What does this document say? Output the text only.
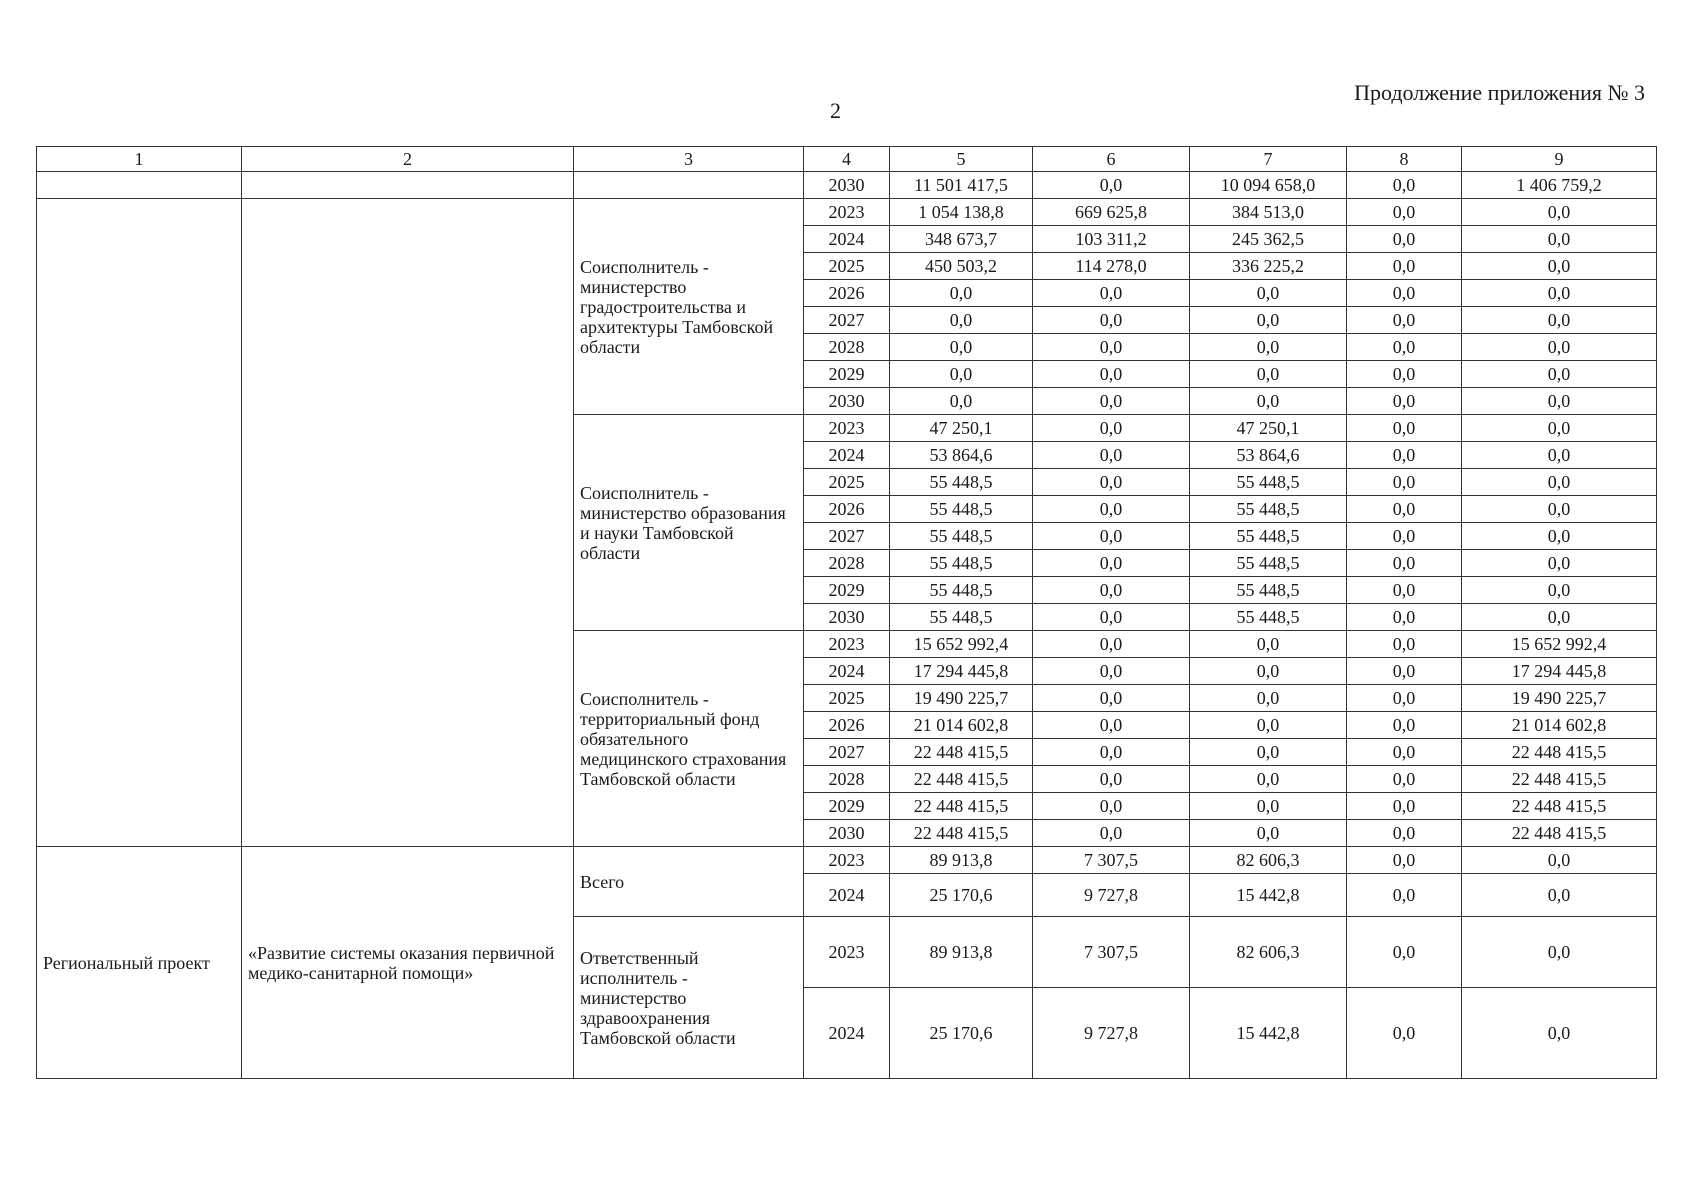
2
Продолжение приложения № 3
1	2	3	4	5	6	7	8	9
			2030	11 501 417,5	0,0	10 094 658,0	0,0	1 406 759,2
		Соисполнитель - министерство градостроительства и архитектуры Тамбовской области	2023	1 054 138,8	669 625,8	384 513,0	0,0	0,0
			2024	348 673,7	103 311,2	245 362,5	0,0	0,0
			2025	450 503,2	114 278,0	336 225,2	0,0	0,0
			2026	0,0	0,0	0,0	0,0	0,0
			2027	0,0	0,0	0,0	0,0	0,0
			2028	0,0	0,0	0,0	0,0	0,0
			2029	0,0	0,0	0,0	0,0	0,0
			2030	0,0	0,0	0,0	0,0	0,0
		Соисполнитель - министерство образования и науки Тамбовской области	2023	47 250,1	0,0	47 250,1	0,0	0,0
			2024	53 864,6	0,0	53 864,6	0,0	0,0
			2025	55 448,5	0,0	55 448,5	0,0	0,0
			2026	55 448,5	0,0	55 448,5	0,0	0,0
			2027	55 448,5	0,0	55 448,5	0,0	0,0
			2028	55 448,5	0,0	55 448,5	0,0	0,0
			2029	55 448,5	0,0	55 448,5	0,0	0,0
			2030	55 448,5	0,0	55 448,5	0,0	0,0
		Соисполнитель - территориальный фонд обязательного медицинского страхования Тамбовской области	2023	15 652 992,4	0,0	0,0	0,0	15 652 992,4
			2024	17 294 445,8	0,0	0,0	0,0	17 294 445,8
			2025	19 490 225,7	0,0	0,0	0,0	19 490 225,7
			2026	21 014 602,8	0,0	0,0	0,0	21 014 602,8
			2027	22 448 415,5	0,0	0,0	0,0	22 448 415,5
			2028	22 448 415,5	0,0	0,0	0,0	22 448 415,5
			2029	22 448 415,5	0,0	0,0	0,0	22 448 415,5
			2030	22 448 415,5	0,0	0,0	0,0	22 448 415,5
Региональный проект	«Развитие системы оказания первичной медико-санитарной помощи»	Всего	2023	89 913,8	7 307,5	82 606,3	0,0	0,0
			2024	25 170,6	9 727,8	15 442,8	0,0	0,0
		Ответственный исполнитель - министерство здравоохранения Тамбовской области	2023	89 913,8	7 307,5	82 606,3	0,0	0,0
			2024	25 170,6	9 727,8	15 442,8	0,0	0,0
